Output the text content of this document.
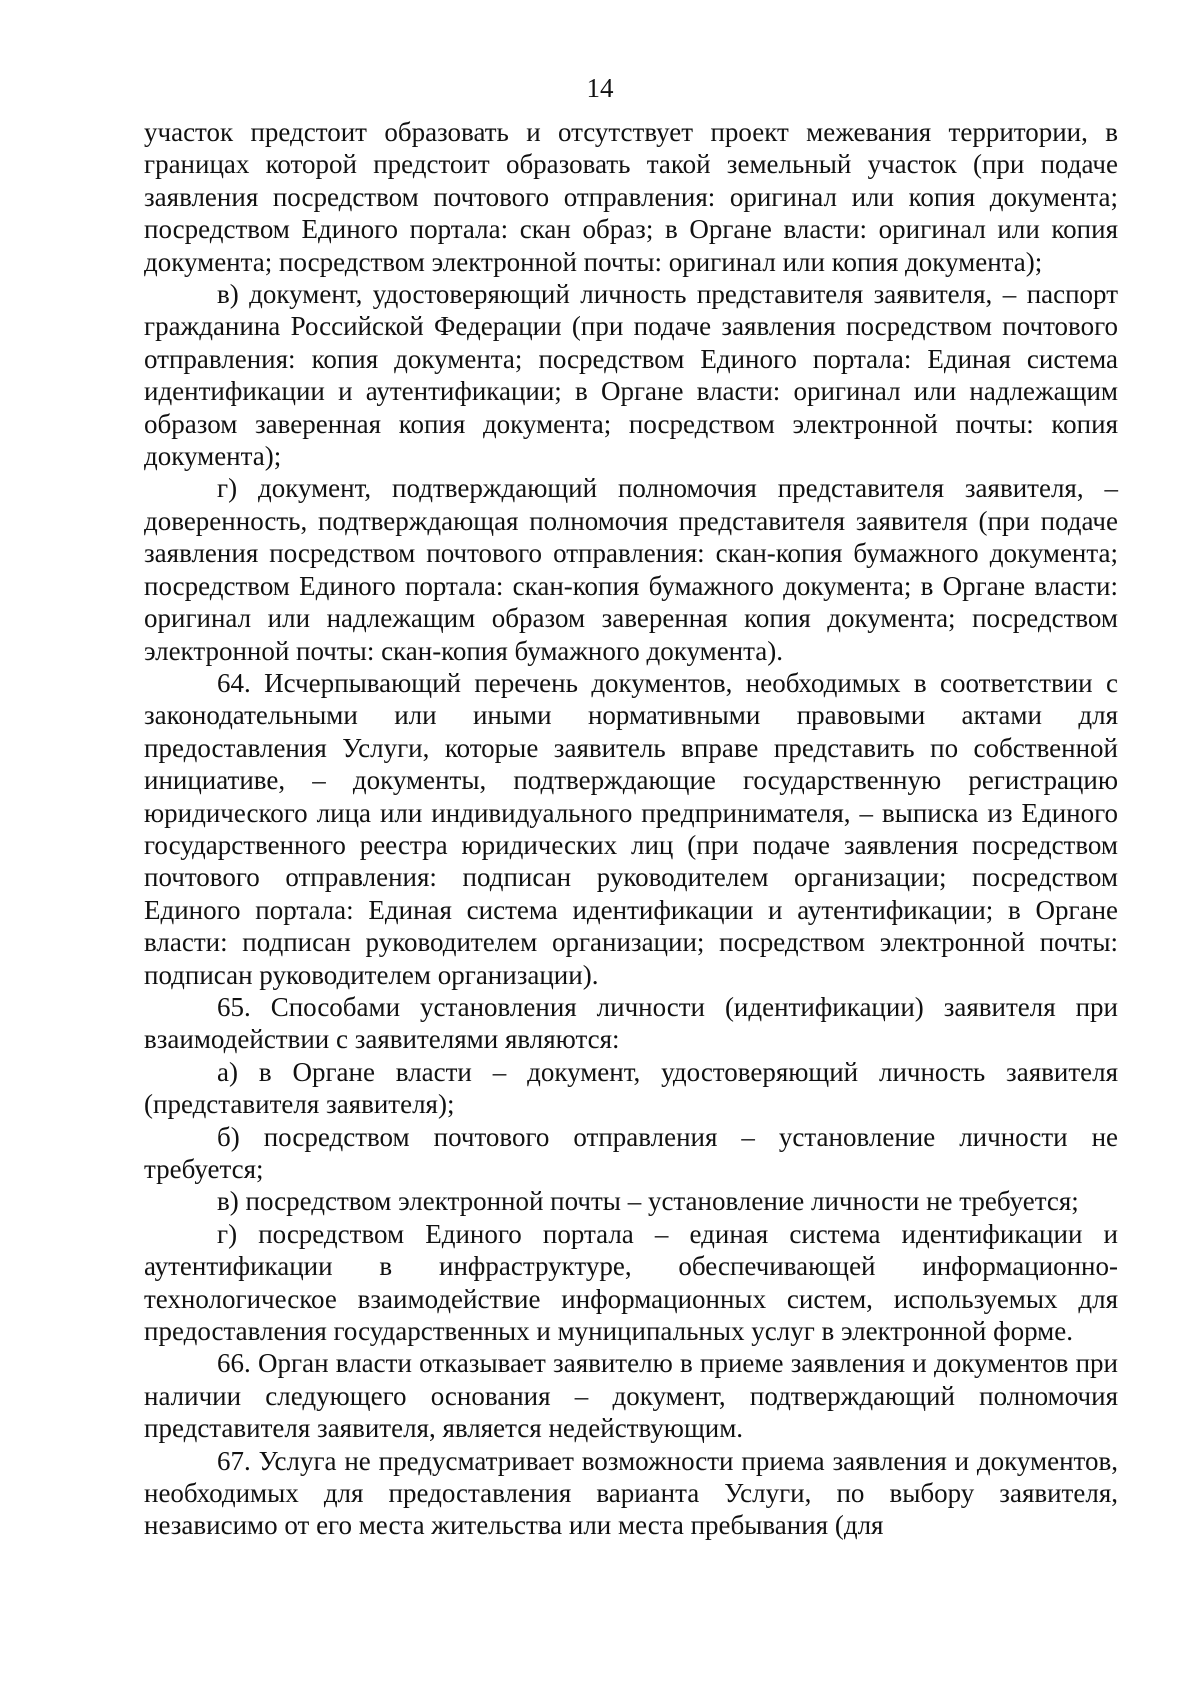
14

участок предстоит образовать и отсутствует проект межевания территории, в границах которой предстоит образовать такой земельный участок (при подаче заявления посредством почтового отправления: оригинал или копия документа; посредством Единого портала: скан образ; в Органе власти: оригинал или копия документа; посредством электронной почты: оригинал или копия документа);

в) документ, удостоверяющий личность представителя заявителя, – паспорт гражданина Российской Федерации (при подаче заявления посредством почтового отправления: копия документа; посредством Единого портала: Единая система идентификации и аутентификации; в Органе власти: оригинал или надлежащим образом заверенная копия документа; посредством электронной почты: копия документа);

г) документ, подтверждающий полномочия представителя заявителя, – доверенность, подтверждающая полномочия представителя заявителя (при подаче заявления посредством почтового отправления: скан-копия бумажного документа; посредством Единого портала: скан-копия бумажного документа; в Органе власти: оригинал или надлежащим образом заверенная копия документа; посредством электронной почты: скан-копия бумажного документа).

64. Исчерпывающий перечень документов, необходимых в соответствии с законодательными или иными нормативными правовыми актами для предоставления Услуги, которые заявитель вправе представить по собственной инициативе, – документы, подтверждающие государственную регистрацию юридического лица или индивидуального предпринимателя, – выписка из Единого государственного реестра юридических лиц (при подаче заявления посредством почтового отправления: подписан руководителем организации; посредством Единого портала: Единая система идентификации и аутентификации; в Органе власти: подписан руководителем организации; посредством электронной почты: подписан руководителем организации).

65. Способами установления личности (идентификации) заявителя при взаимодействии с заявителями являются:

а) в Органе власти – документ, удостоверяющий личность заявителя (представителя заявителя);

б) посредством почтового отправления – установление личности не требуется;

в) посредством электронной почты – установление личности не требуется;

г) посредством Единого портала – единая система идентификации и аутентификации в инфраструктуре, обеспечивающей информационно-технологическое взаимодействие информационных систем, используемых для предоставления государственных и муниципальных услуг в электронной форме.

66. Орган власти отказывает заявителю в приеме заявления и документов при наличии следующего основания – документ, подтверждающий полномочия представителя заявителя, является недействующим.

67. Услуга не предусматривает возможности приема заявления и документов, необходимых для предоставления варианта Услуги, по выбору заявителя, независимо от его места жительства или места пребывания (для
